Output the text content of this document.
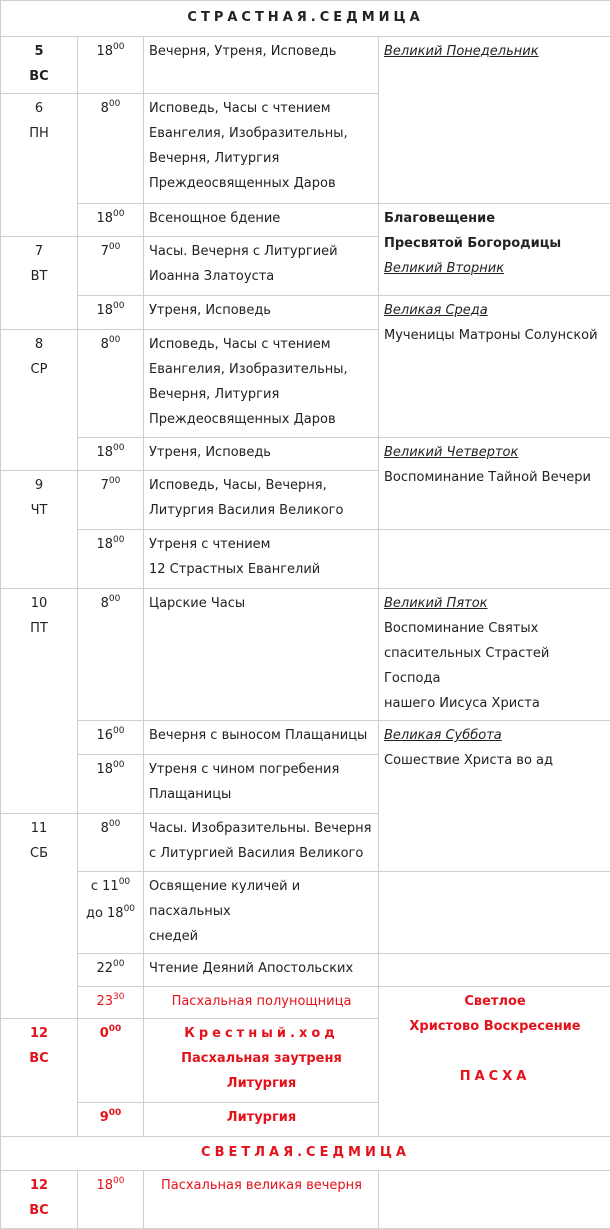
СТРАСТНАЯ.СЕДМИЦА			

5
ВС	$18^{00}$	Вечерня, Утреня, Исповедь	Великий Понедельник

6
ПН	$8^{00}$	Исповедь, Часы с чтением
Евангелия, Изобразительны,
Вечерня, Литургия
Преждеосвященных Даров	

	$18^{00}$	Всенощное бдение	Благовещение
Пресвятой Богородицы
Великий Вторник

7
ВТ	$7^{00}$	Часы. Вечерня с Литургией
Иоанна Златоуста	

	$18^{00}$	Утреня, Исповедь	Великая Среда
Мученицы Матроны Солунской

8
СР	$8^{00}$	Исповедь, Часы с чтением
Евангелия, Изобразительны,
Вечерня, Литургия
Преждеосвященных Даров	

	$18^{00}$	Утреня, Исповедь	Великий Четверток
Воспоминание Тайной Вечери

9
ЧТ	$7^{00}$	Исповедь, Часы, Вечерня,
Литургия Василия Великого	

	$18^{00}$	Утреня с чтением
12 Страстных Евангелий	

10
ПТ	$8^{00}$	Царские Часы	Великий Пяток
Воспоминание Святых
спасительных Страстей Господа
нашего Иисуса Христа

	$16^{00}$	Вечерня с выносом Плащаницы	Великая Суббота
Сошествие Христа во ад

	$18^{00}$	Утреня с чином погребения
Плащаницы	

11
СБ	$8^{00}$	Часы. Изобразительны. Вечерня
с Литургией Василия Великого	

	с $11^{00}$
до $18^{00}$	Освящение куличей и пасхальных
снедей	

	$22^{00}$	Чтение Деяний Апостольских	

	$23^{30}$	Пасхальная полунощница	Светлое
Христово Воскресение

ПАСХА

12
ВС	$0^{00}$	Крестный.ход
Пасхальная заутреня
Литургия	

	$9^{00}$	Литургия	

СВЕТЛАЯ.СЕДМИЦА			

12
ВС	$18^{00}$	Пасхальная великая вечерня	
